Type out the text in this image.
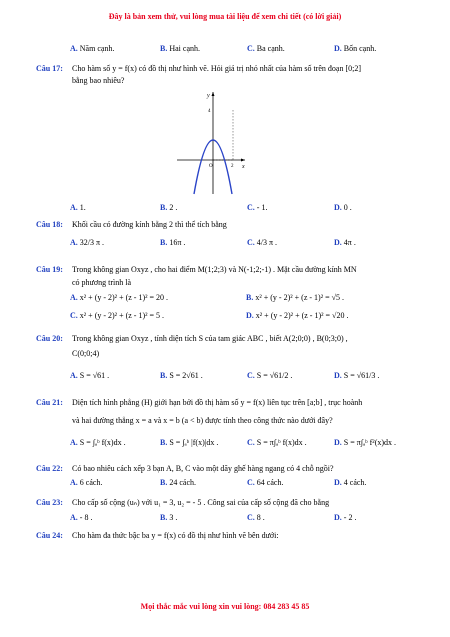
Đây là bản xem thử, vui lòng mua tài liệu để xem chi tiết (có lời giải)
A. Năm cạnh.	B. Hai cạnh.	C. Ba cạnh.	D. Bốn cạnh.
Câu 17: Cho hàm số y = f(x) có đồ thị như hình vẽ. Hỏi giá trị nhỏ nhất của hàm số trên đoạn [0;2]
bằng bao nhiêu?
x
y
O	2
4
A. 1.	B. 2 .	C. - 1.	D. 0 .
Câu 18: Khối cầu có đường kính bằng 2 thì thể tích bằng
A. 32/3 π .	B. 16π .	C. 4/3 π .	D. 4π .
Câu 19: Trong không gian Oxyz , cho hai điểm M(1;2;3) và N(-1;2;-1) . Mặt cầu đường kính MN
có phương trình là
A. x² + (y - 2)² + (z - 1)² = 20 .	B. x² + (y - 2)² + (z - 1)² = √5 .
C. x² + (y - 2)² + (z - 1)² = 5 .	D. x² + (y - 2)² + (z - 1)² = √20 .
Câu 20: Trong không gian Oxyz , tính diện tích S của tam giác ABC , biết A(2;0;0) , B(0;3;0) ,
C(0;0;4)
A. S = √61 .	B. S = 2√61 .	C. S = √61/2 .	D. S = √61/3 .
Câu 21: Diện tích hình phẳng (H) giới hạn bởi đồ thị hàm số y = f(x) liên tục trên [a;b] , trục hoành
và hai đường thẳng x = a và x = b (a < b) được tính theo công thức nào dưới đây?
A. S = ∫ₐᵇ f(x)dx .	B. S = ∫ₐᵇ |f(x)|dx .	C. S = π∫ₐᵇ f(x)dx .	D. S = π∫ₐᵇ f²(x)dx .
Câu 22: Có bao nhiêu cách xếp 3 bạn A, B, C vào một dãy ghế hàng ngang có 4 chỗ ngồi?
A. 6 cách.	B. 24 cách.	C. 64 cách.	D. 4 cách.
Câu 23: Cho cấp số cộng (uₙ) với u₁ = 3, u₂ = - 5 . Công sai của cấp số cộng đã cho bằng
A. - 8 .	B. 3 .	C. 8 .	D. - 2 .
Câu 24: Cho hàm đa thức bậc ba y = f(x) có đồ thị như hình vẽ bên dưới:
Mọi thắc mắc vui lòng xin vui lòng: 084 283 45 85
